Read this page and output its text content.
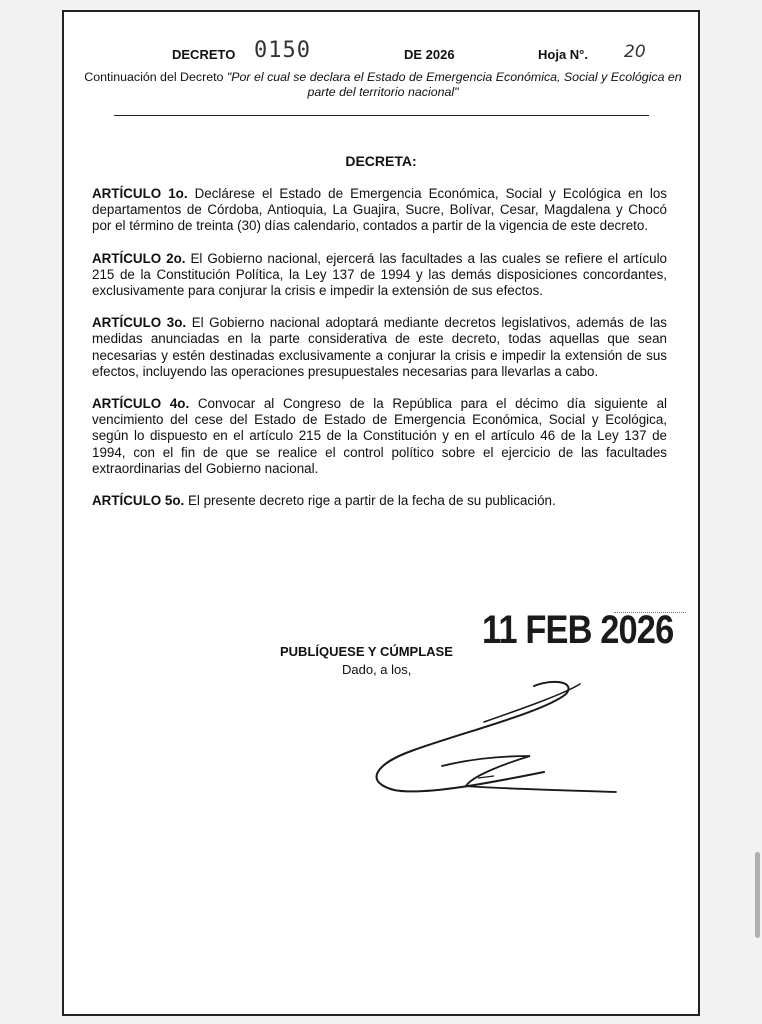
DECRETO 0150	DE 2026	Hoja N°. 20
Continuación del Decreto "Por el cual se declara el Estado de Emergencia Económica, Social y Ecológica en parte del territorio nacional"
DECRETA:

ARTÍCULO 1o. Declárese el Estado de Emergencia Económica, Social y Ecológica en los departamentos de Córdoba, Antioquia, La Guajira, Sucre, Bolívar, Cesar, Magdalena y Chocó por el término de treinta (30) días calendario, contados a partir de la vigencia de este decreto.

ARTÍCULO 2o. El Gobierno nacional, ejercerá las facultades a las cuales se refiere el artículo 215 de la Constitución Política, la Ley 137 de 1994 y las demás disposiciones concordantes, exclusivamente para conjurar la crisis e impedir la extensión de sus efectos.

ARTÍCULO 3o. El Gobierno nacional adoptará mediante decretos legislativos, además de las medidas anunciadas en la parte considerativa de este decreto, todas aquellas que sean necesarias y estén destinadas exclusivamente a conjurar la crisis e impedir la extensión de sus efectos, incluyendo las operaciones presupuestales necesarias para llevarlas a cabo.

ARTÍCULO 4o. Convocar al Congreso de la República para el décimo día siguiente al vencimiento del cese del Estado de Estado de Emergencia Económica, Social y Ecológica, según lo dispuesto en el artículo 215 de la Constitución y en el artículo 46 de la Ley 137 de 1994, con el fin de que se realice el control político sobre el ejercicio de las facultades extraordinarias del Gobierno nacional.

ARTÍCULO 5o. El presente decreto rige a partir de la fecha de su publicación.

11 FEB 2026
PUBLÍQUESE Y CÚMPLASE
Dado, a los,
